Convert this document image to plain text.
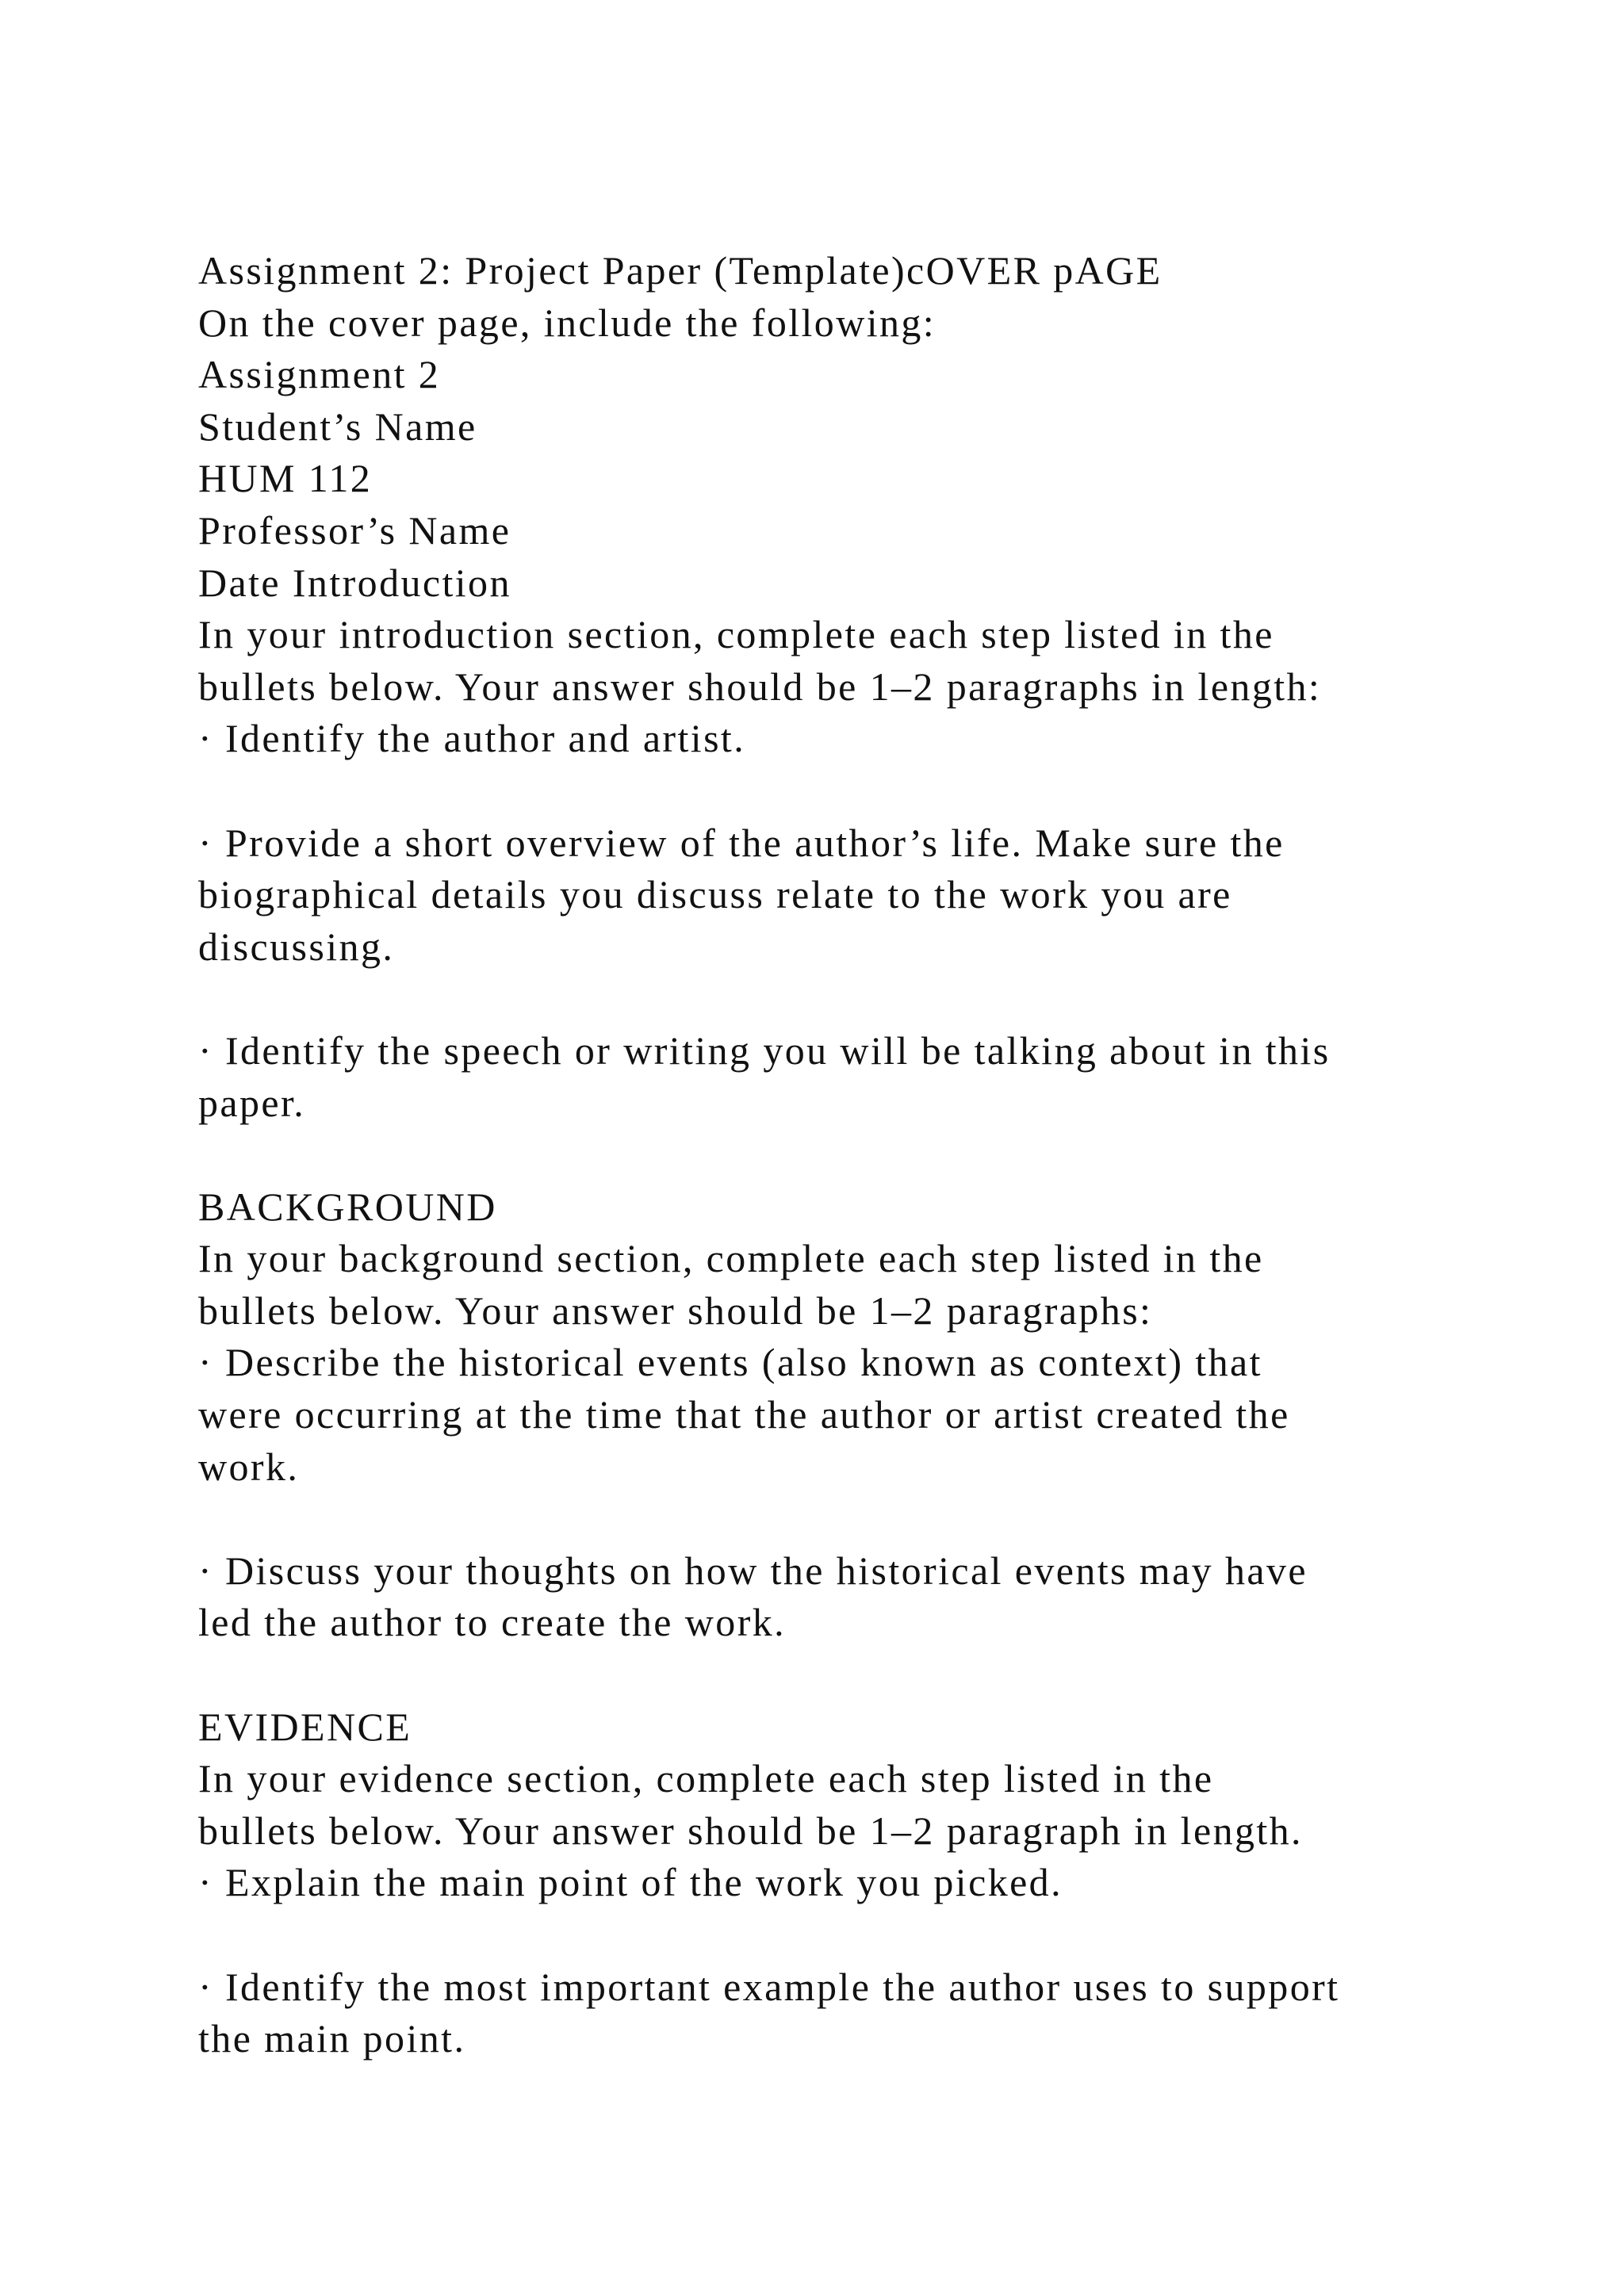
Assignment 2: Project Paper (Template)cOVER pAGE
On the cover page, include the following:
Assignment 2
Student’s Name
HUM 112
Professor’s Name
Date Introduction
In your introduction section, complete each step listed in the
bullets below. Your answer should be 1–2 paragraphs in length:
· Identify the author and artist.
· Provide a short overview of the author’s life. Make sure the
biographical details you discuss relate to the work you are
discussing.
· Identify the speech or writing you will be talking about in this
paper.
BACKGROUND
In your background section, complete each step listed in the
bullets below. Your answer should be 1–2 paragraphs:
· Describe the historical events (also known as context) that
were occurring at the time that the author or artist created the
work.
· Discuss your thoughts on how the historical events may have
led the author to create the work.
EVIDENCE
In your evidence section, complete each step listed in the
bullets below. Your answer should be 1–2 paragraph in length.
· Explain the main point of the work you picked.
· Identify the most important example the author uses to support
the main point.
